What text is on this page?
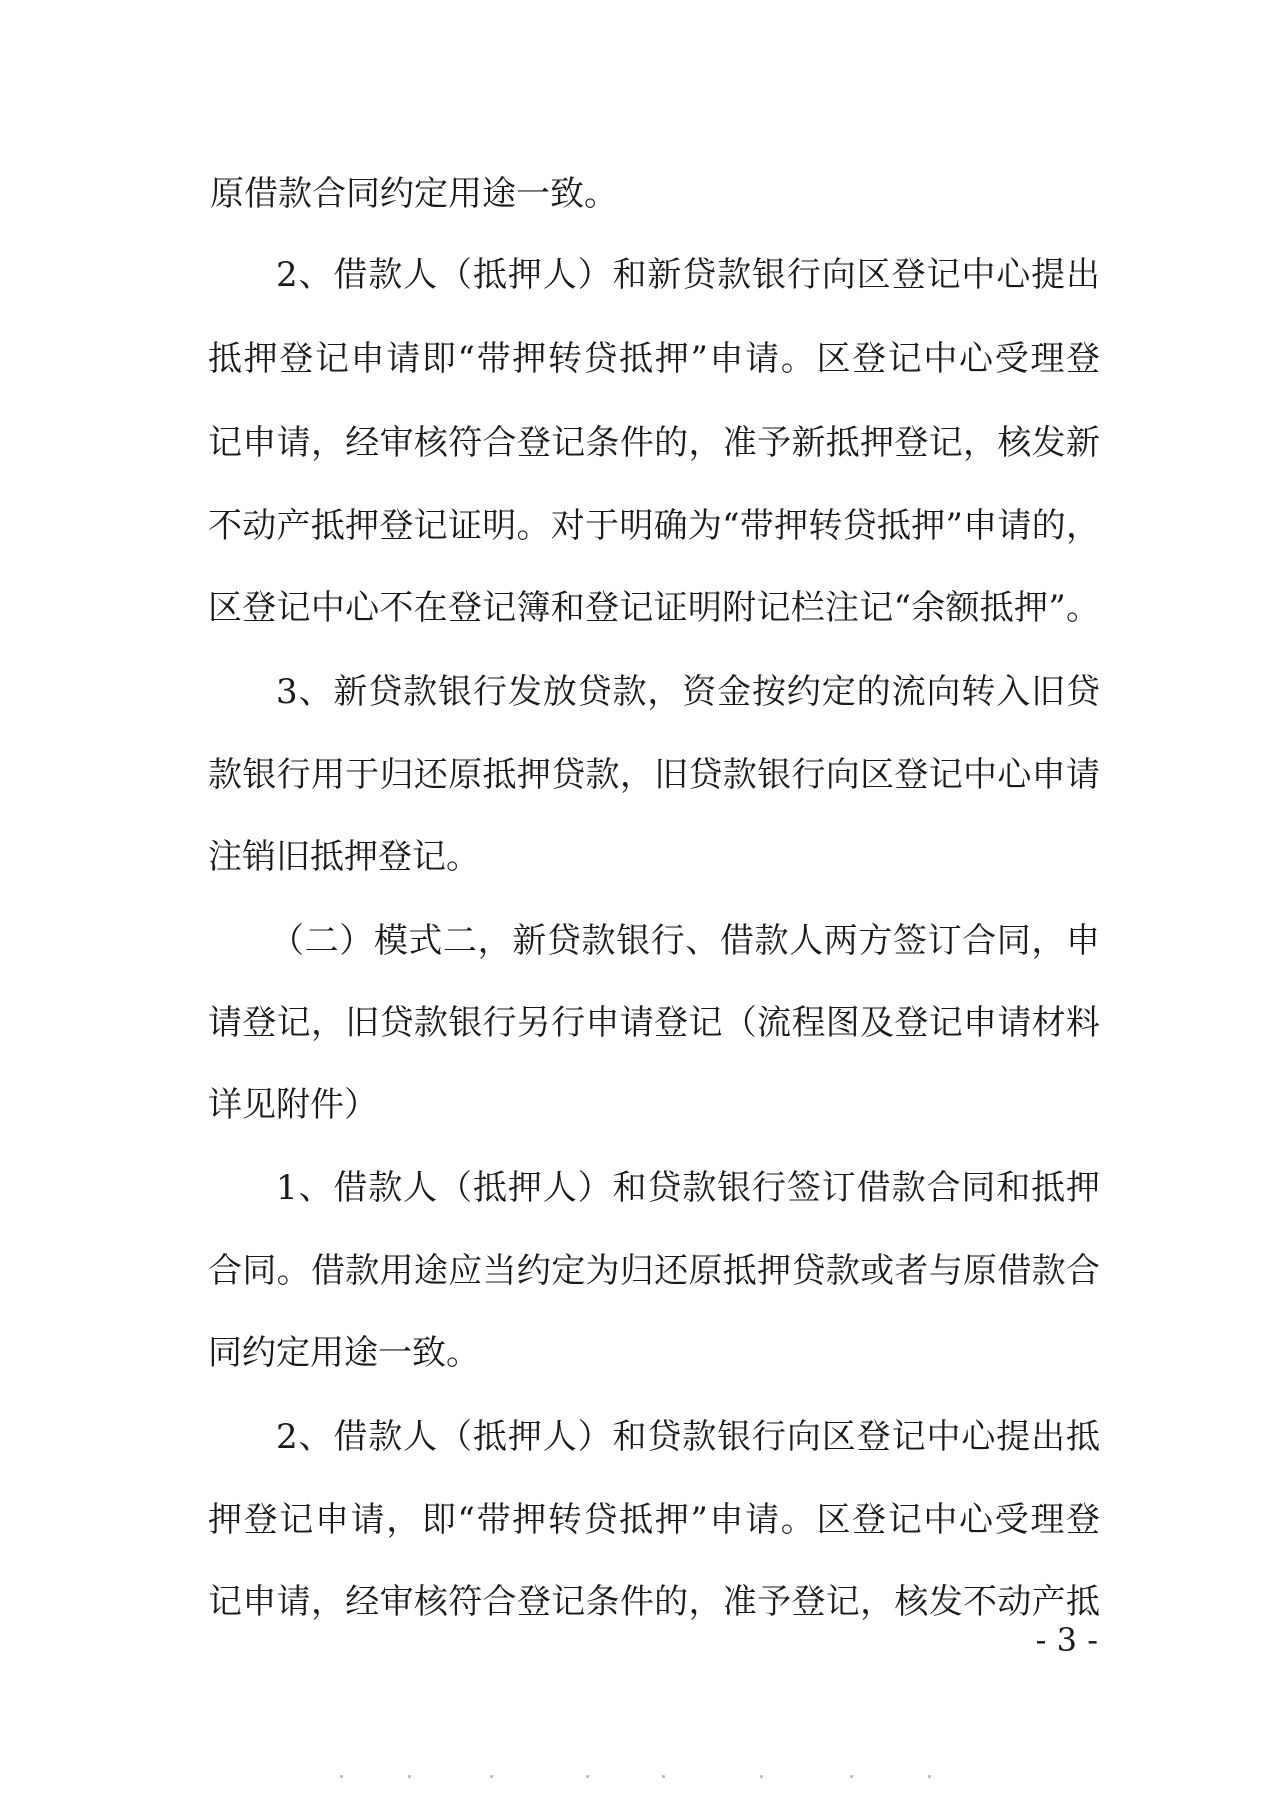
原借款合同约定用途一致。
2、借款人（抵押人）和新贷款银行向区登记中心提出
抵押登记申请即“带押转贷抵押”申请。区登记中心受理登
记申请，经审核符合登记条件的，准予新抵押登记，核发新
不动产抵押登记证明。对于明确为“带押转贷抵押”申请的，
区登记中心不在登记簿和登记证明附记栏注记“余额抵押”。
3、新贷款银行发放贷款，资金按约定的流向转入旧贷
款银行用于归还原抵押贷款，旧贷款银行向区登记中心申请
注销旧抵押登记。
（二）模式二，新贷款银行、借款人两方签订合同，申
请登记，旧贷款银行另行申请登记（流程图及登记申请材料
详见附件）
1、借款人（抵押人）和贷款银行签订借款合同和抵押
合同。借款用途应当约定为归还原抵押贷款或者与原借款合
同约定用途一致。
2、借款人（抵押人）和贷款银行向区登记中心提出抵
押登记申请，即“带押转贷抵押”申请。区登记中心受理登
记申请，经审核符合登记条件的，准予登记，核发不动产抵
- 3 -
